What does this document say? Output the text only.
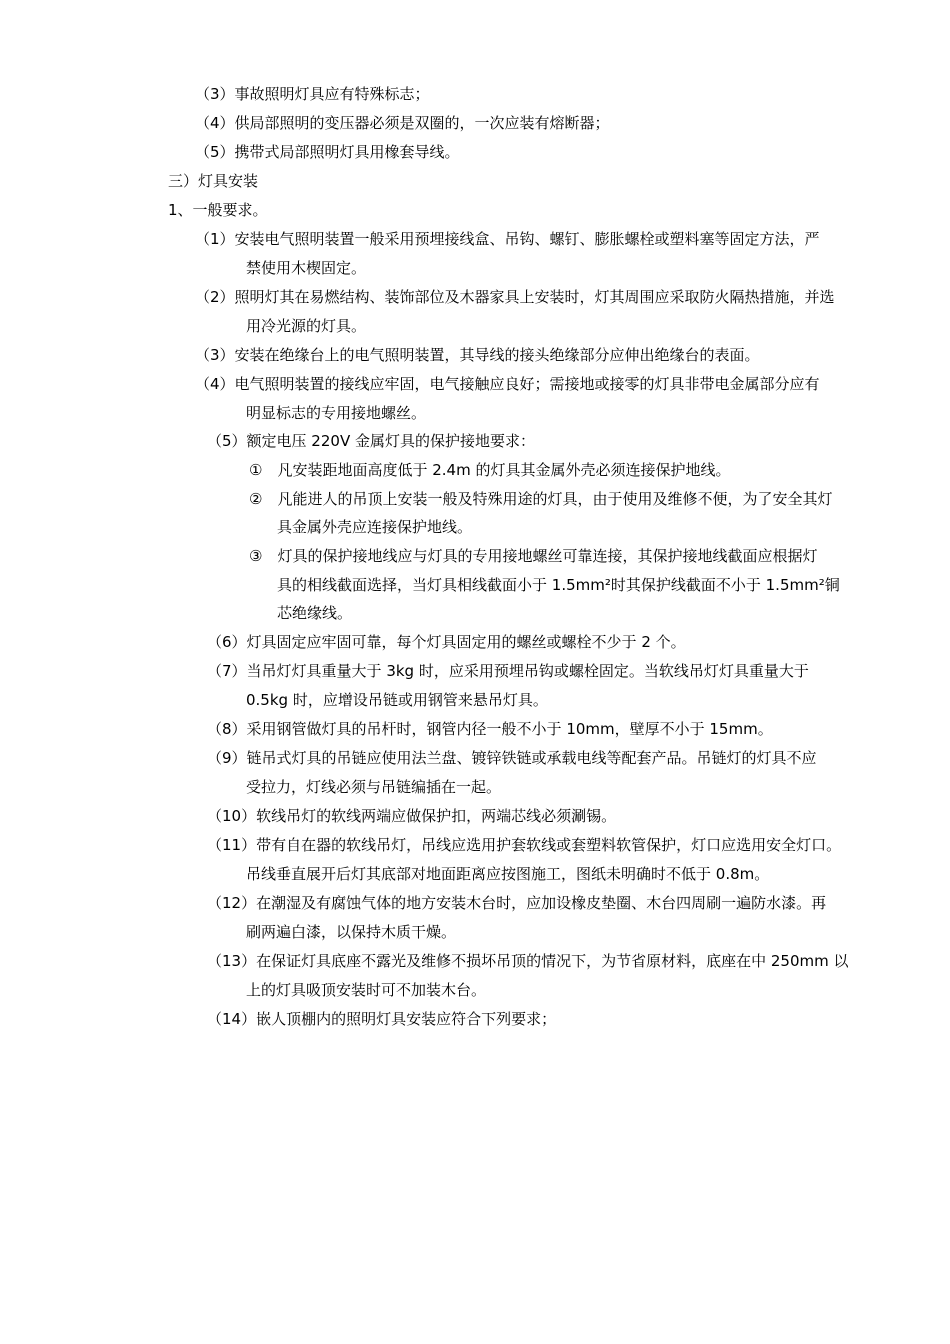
（3）事故照明灯具应有特殊标志；
（4）供局部照明的变压器必须是双圈的，一次应装有熔断器；
（5）携带式局部照明灯具用橡套导线。
三）灯具安装
1、一般要求。
（1）安装电气照明装置一般采用预埋接线盒、吊钩、螺钉、膨胀螺栓或塑料塞等固定方法，严
禁使用木楔固定。
（2）照明灯其在易燃结构、装饰部位及木器家具上安装时，灯其周围应采取防火隔热措施，并选
用冷光源的灯具。
（3）安装在绝缘台上的电气照明装置，其导线的接头绝缘部分应伸出绝缘台的表面。
（4）电气照明装置的接线应牢固，电气接触应良好；需接地或接零的灯具非带电金属部分应有
明显标志的专用接地螺丝。
（5）额定电压 220V 金属灯具的保护接地要求：
①　凡安装距地面高度低于 2.4m 的灯具其金属外壳必须连接保护地线。
②　凡能进人的吊顶上安装一般及特殊用途的灯具，由于使用及维修不便，为了安全其灯
具金属外壳应连接保护地线。
③　灯具的保护接地线应与灯具的专用接地螺丝可靠连接，其保护接地线截面应根据灯
具的相线截面选择，当灯具相线截面小于 1.5mm²时其保护线截面不小于 1.5mm²铜
芯绝缘线。
（6）灯具固定应牢固可靠，每个灯具固定用的螺丝或螺栓不少于 2 个。
（7）当吊灯灯具重量大于 3kg 时，应采用预埋吊钩或螺栓固定。当软线吊灯灯具重量大于
0.5kg 时，应增设吊链或用钢管来悬吊灯具。
（8）采用钢管做灯具的吊杆时，钢管内径一般不小于 10mm，壁厚不小于 15mm。
（9）链吊式灯具的吊链应使用法兰盘、镀锌铁链或承载电线等配套产品。吊链灯的灯具不应
受拉力，灯线必须与吊链编插在一起。
（10）软线吊灯的软线两端应做保护扣，两端芯线必须涮锡。
（11）带有自在器的软线吊灯，吊线应选用护套软线或套塑料软管保护，灯口应选用安全灯口。
吊线垂直展开后灯其底部对地面距离应按图施工，图纸未明确时不低于 0.8m。
（12）在潮湿及有腐蚀气体的地方安装木台时，应加设橡皮垫圈、木台四周刷一遍防水漆。再
刷两遍白漆，以保持木质干燥。
（13）在保证灯具底座不露光及维修不损坏吊顶的情况下，为节省原材料，底座在中 250mm 以
上的灯具吸顶安装时可不加装木台。
（14）嵌人顶棚内的照明灯具安装应符合下列要求；
